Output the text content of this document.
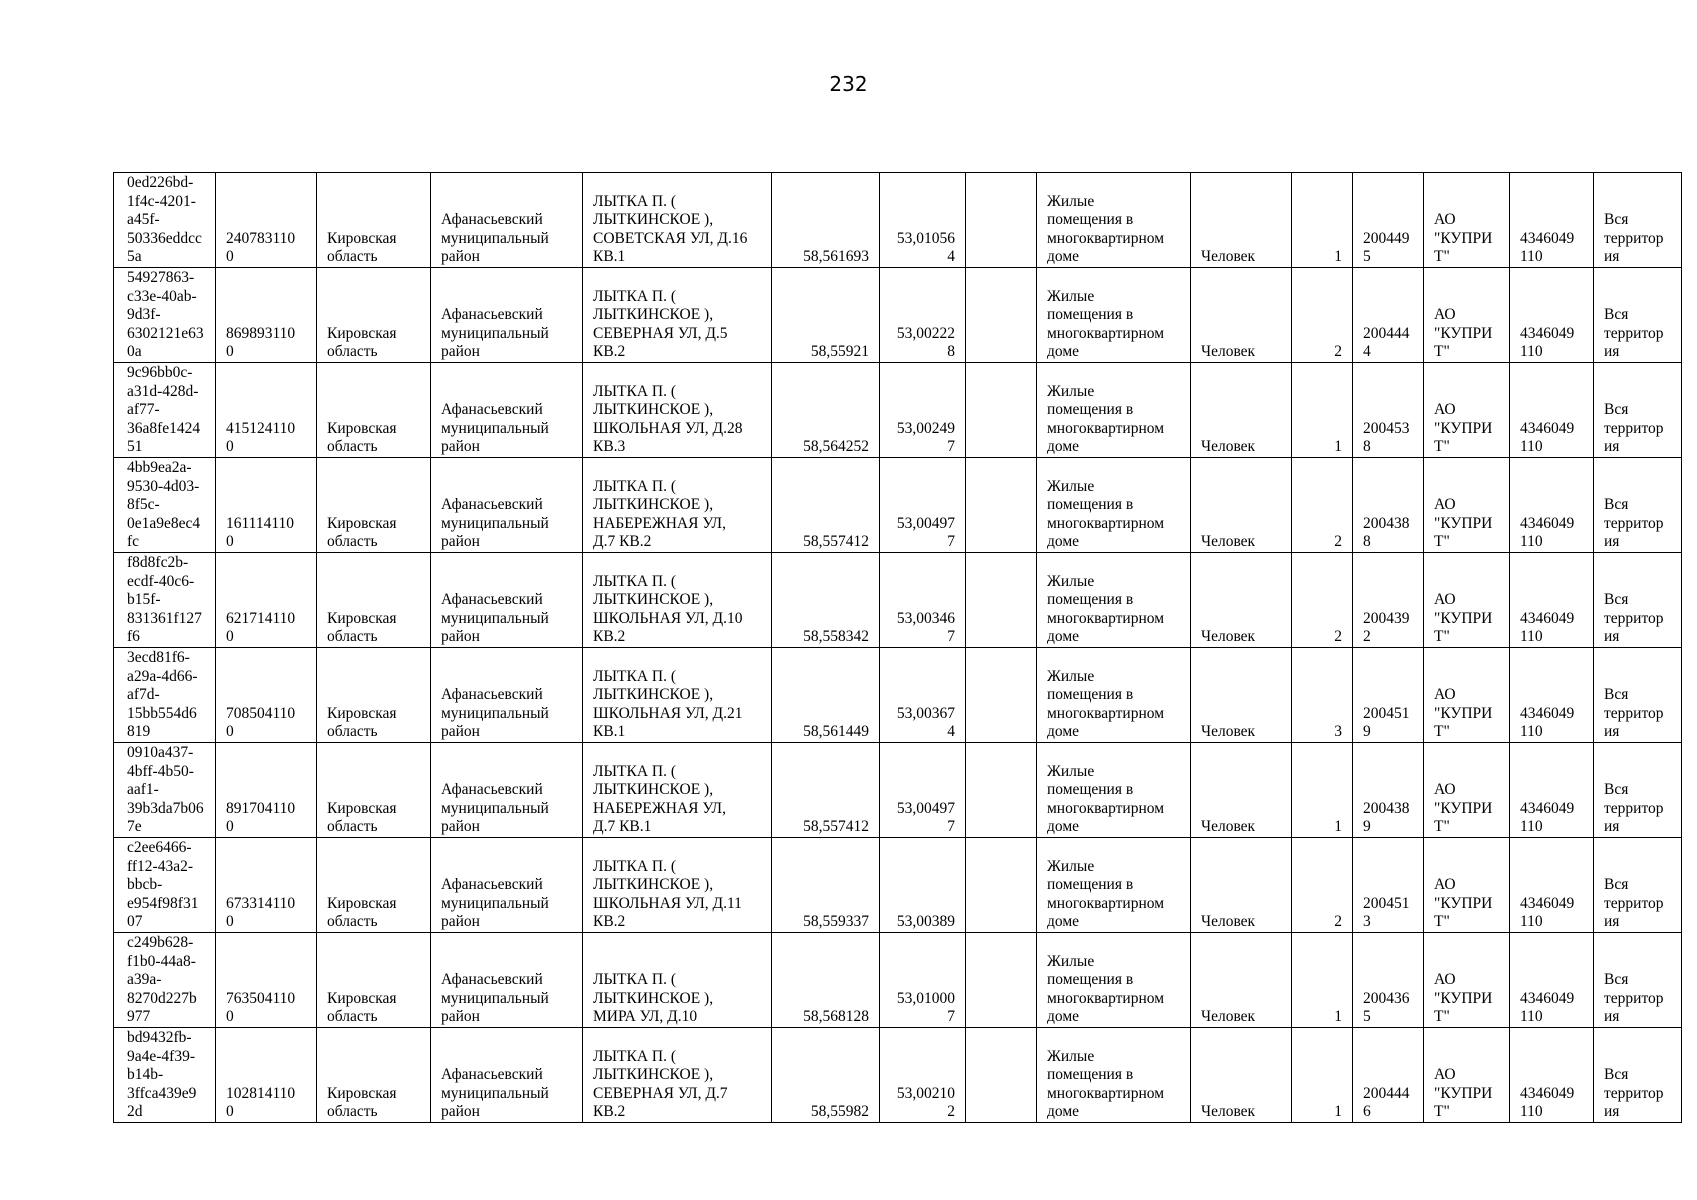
232
0ed226bd-
1f4c-4201-
a45f-
50336eddcc
5a	240783110
0	Кировская
область	Афанасьевский
муниципальный
район	ЛЫТКА П. (
ЛЫТКИНСКОЕ ),
СОВЕТСКАЯ УЛ, Д.16
КВ.1	58,561693	53,01056
4		Жилые
помещения в
многоквартирном
доме	Человек	1	200449
5	АО
"КУПРИ
Т"	4346049
110	Вся
территор
ия
54927863-
c33e-40ab-
9d3f-
6302121e63
0a	869893110
0	Кировская
область	Афанасьевский
муниципальный
район	ЛЫТКА П. (
ЛЫТКИНСКОЕ ),
СЕВЕРНАЯ УЛ, Д.5
КВ.2	58,55921	53,00222
8		Жилые
помещения в
многоквартирном
доме	Человек	2	200444
4	АО
"КУПРИ
Т"	4346049
110	Вся
территор
ия
9c96bb0c-
a31d-428d-
af77-
36a8fe1424
51	415124110
0	Кировская
область	Афанасьевский
муниципальный
район	ЛЫТКА П. (
ЛЫТКИНСКОЕ ),
ШКОЛЬНАЯ УЛ, Д.28
КВ.3	58,564252	53,00249
7		Жилые
помещения в
многоквартирном
доме	Человек	1	200453
8	АО
"КУПРИ
Т"	4346049
110	Вся
территор
ия
4bb9ea2a-
9530-4d03-
8f5c-
0e1a9e8ec4
fc	161114110
0	Кировская
область	Афанасьевский
муниципальный
район	ЛЫТКА П. (
ЛЫТКИНСКОЕ ),
НАБЕРЕЖНАЯ УЛ,
Д.7 КВ.2	58,557412	53,00497
7		Жилые
помещения в
многоквартирном
доме	Человек	2	200438
8	АО
"КУПРИ
Т"	4346049
110	Вся
территор
ия
f8d8fc2b-
ecdf-40c6-
b15f-
831361f127
f6	621714110
0	Кировская
область	Афанасьевский
муниципальный
район	ЛЫТКА П. (
ЛЫТКИНСКОЕ ),
ШКОЛЬНАЯ УЛ, Д.10
КВ.2	58,558342	53,00346
7		Жилые
помещения в
многоквартирном
доме	Человек	2	200439
2	АО
"КУПРИ
Т"	4346049
110	Вся
территор
ия
3ecd81f6-
a29a-4d66-
af7d-
15bb554d6
819	708504110
0	Кировская
область	Афанасьевский
муниципальный
район	ЛЫТКА П. (
ЛЫТКИНСКОЕ ),
ШКОЛЬНАЯ УЛ, Д.21
КВ.1	58,561449	53,00367
4		Жилые
помещения в
многоквартирном
доме	Человек	3	200451
9	АО
"КУПРИ
Т"	4346049
110	Вся
территор
ия
0910a437-
4bff-4b50-
aaf1-
39b3da7b06
7e	891704110
0	Кировская
область	Афанасьевский
муниципальный
район	ЛЫТКА П. (
ЛЫТКИНСКОЕ ),
НАБЕРЕЖНАЯ УЛ,
Д.7 КВ.1	58,557412	53,00497
7		Жилые
помещения в
многоквартирном
доме	Человек	1	200438
9	АО
"КУПРИ
Т"	4346049
110	Вся
территор
ия
c2ee6466-
ff12-43a2-
bbcb-
e954f98f31
07	673314110
0	Кировская
область	Афанасьевский
муниципальный
район	ЛЫТКА П. (
ЛЫТКИНСКОЕ ),
ШКОЛЬНАЯ УЛ, Д.11
КВ.2	58,559337	53,00389		Жилые
помещения в
многоквартирном
доме	Человек	2	200451
3	АО
"КУПРИ
Т"	4346049
110	Вся
территор
ия
c249b628-
f1b0-44a8-
a39a-
8270d227b
977	763504110
0	Кировская
область	Афанасьевский
муниципальный
район	ЛЫТКА П. (
ЛЫТКИНСКОЕ ),
МИРА УЛ, Д.10	58,568128	53,01000
7		Жилые
помещения в
многоквартирном
доме	Человек	1	200436
5	АО
"КУПРИ
Т"	4346049
110	Вся
территор
ия
bd9432fb-
9a4e-4f39-
b14b-
3ffca439e9
2d	102814110
0	Кировская
область	Афанасьевский
муниципальный
район	ЛЫТКА П. (
ЛЫТКИНСКОЕ ),
СЕВЕРНАЯ УЛ, Д.7
КВ.2	58,55982	53,00210
2		Жилые
помещения в
многоквартирном
доме	Человек	1	200444
6	АО
"КУПРИ
Т"	4346049
110	Вся
территор
ия
